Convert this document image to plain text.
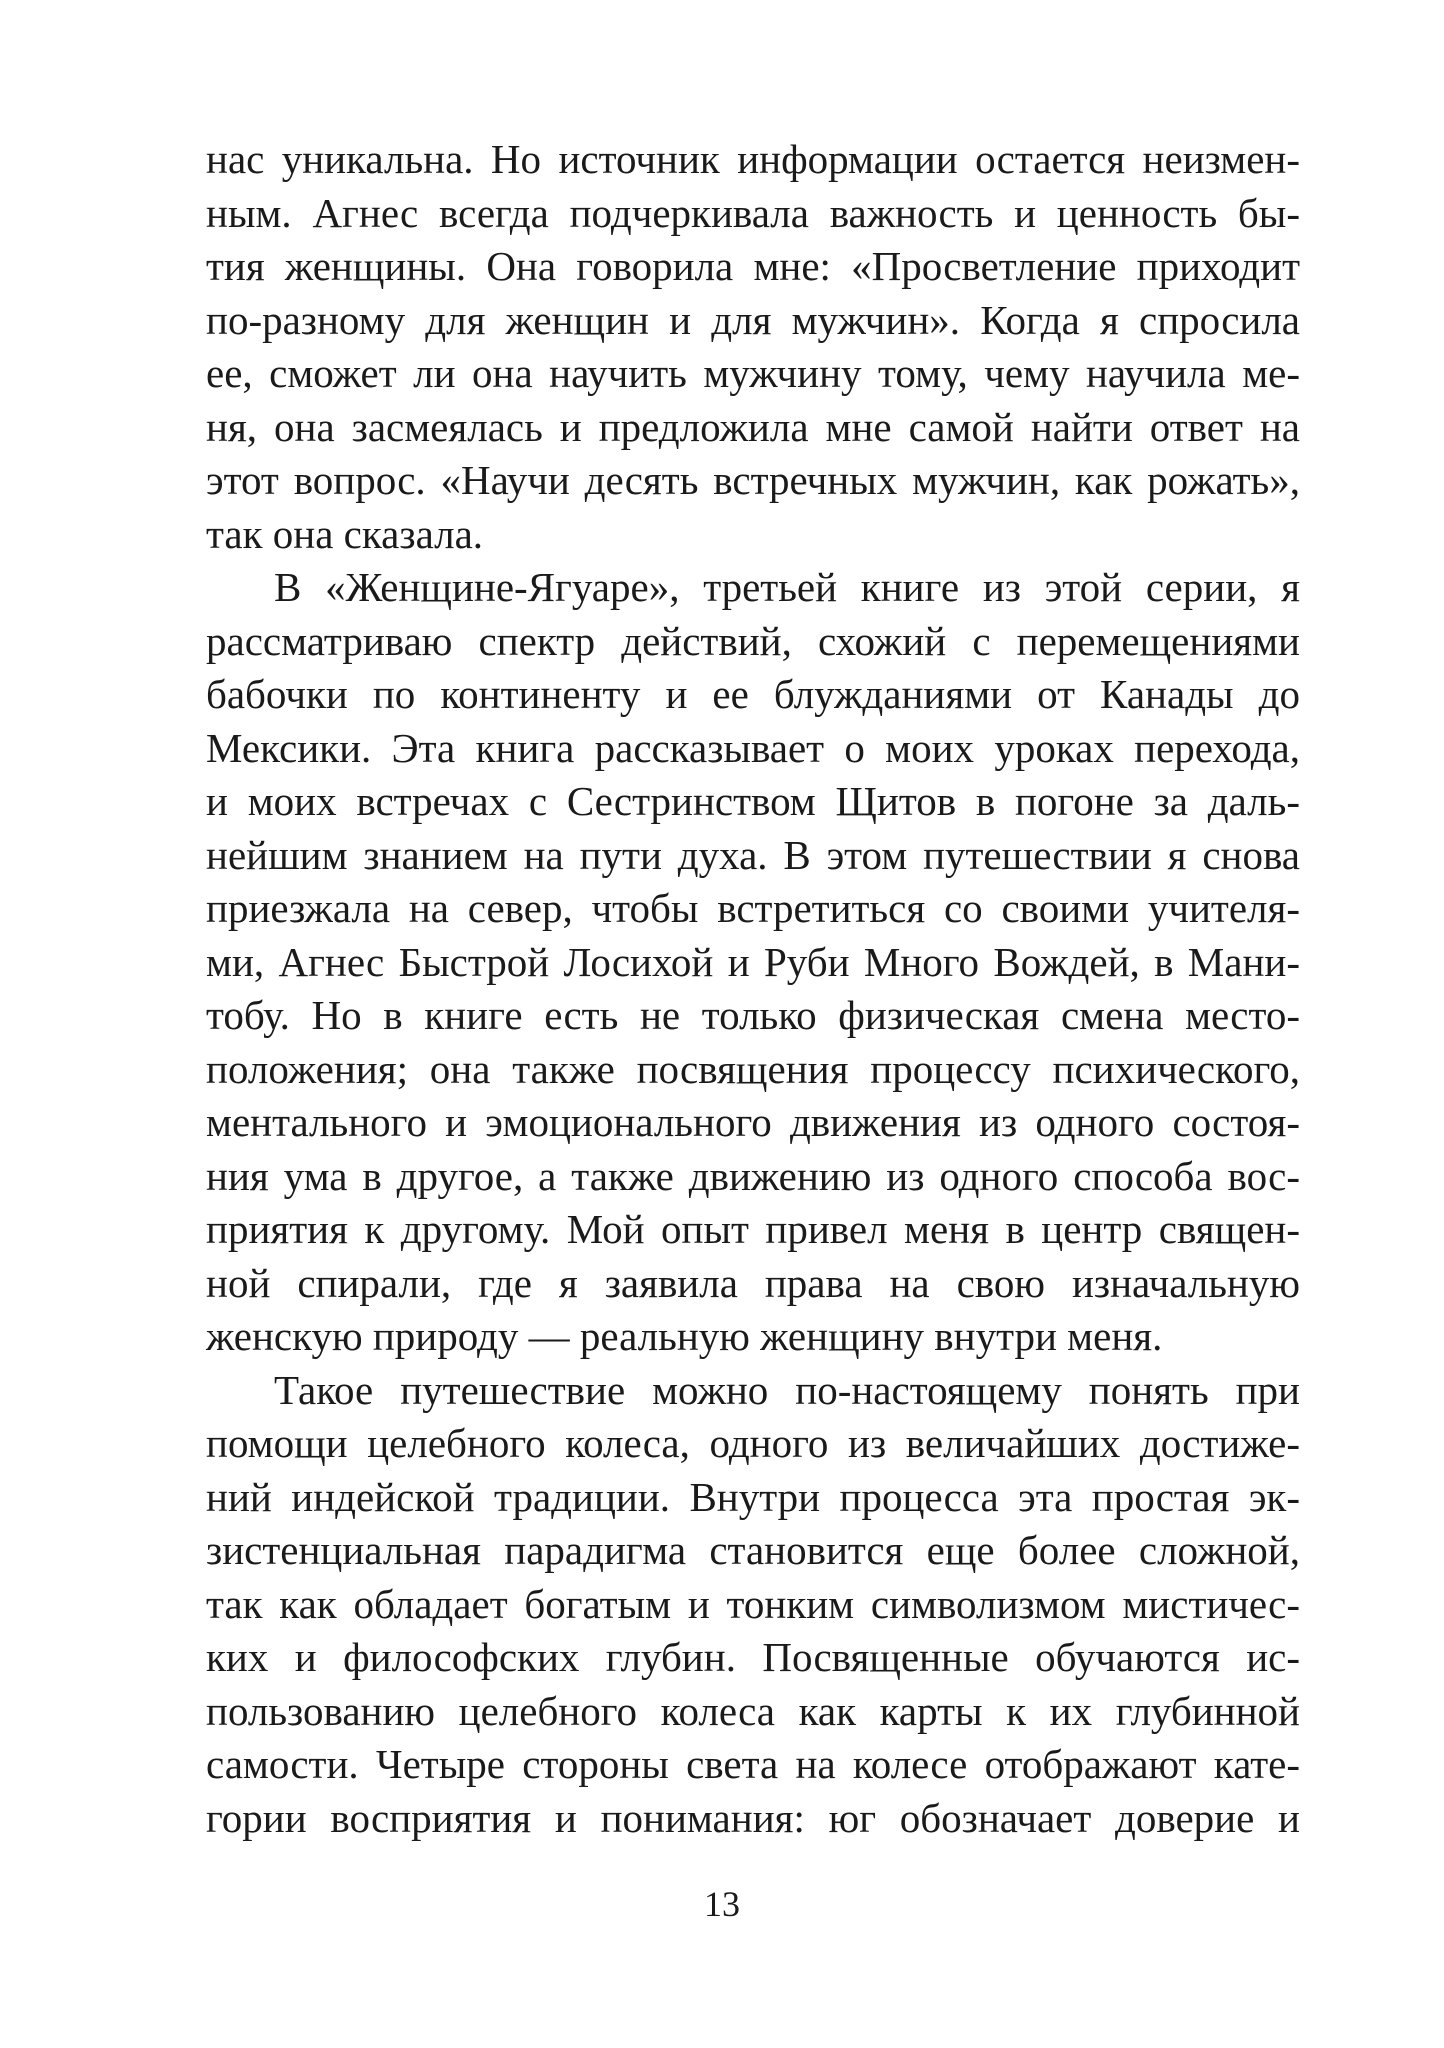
нас уникальна. Но источник информации остается неизмен-
ным. Агнес всегда подчеркивала важность и ценность бы-
тия женщины. Она говорила мне: «Просветление приходит
по-разному для женщин и для мужчин». Когда я спросила
ее, сможет ли она научить мужчину тому, чему научила ме-
ня, она засмеялась и предложила мне самой найти ответ на
этот вопрос. «Научи десять встречных мужчин, как рожать»,
так она сказала.
В «Женщине-Ягуаре», третьей книге из этой серии, я
рассматриваю спектр действий, схожий с перемещениями
бабочки по континенту и ее блужданиями от Канады до
Мексики. Эта книга рассказывает о моих уроках перехода,
и моих встречах с Сестринством Щитов в погоне за даль-
нейшим знанием на пути духа. В этом путешествии я снова
приезжала на север, чтобы встретиться со своими учителя-
ми, Агнес Быстрой Лосихой и Руби Много Вождей, в Мани-
тобу. Но в книге есть не только физическая смена место-
положения; она также посвящения процессу психического,
ментального и эмоционального движения из одного состоя-
ния ума в другое, а также движению из одного способа вос-
приятия к другому. Мой опыт привел меня в центр священ-
ной спирали, где я заявила права на свою изначальную
женскую природу — реальную женщину внутри меня.
Такое путешествие можно по-настоящему понять при
помощи целебного колеса, одного из величайших достиже-
ний индейской традиции. Внутри процесса эта простая эк-
зистенциальная парадигма становится еще более сложной,
так как обладает богатым и тонким символизмом мистичес-
ких и философских глубин. Посвященные обучаются ис-
пользованию целебного колеса как карты к их глубинной
самости. Четыре стороны света на колесе отображают кате-
гории восприятия и понимания: юг обозначает доверие и
13
